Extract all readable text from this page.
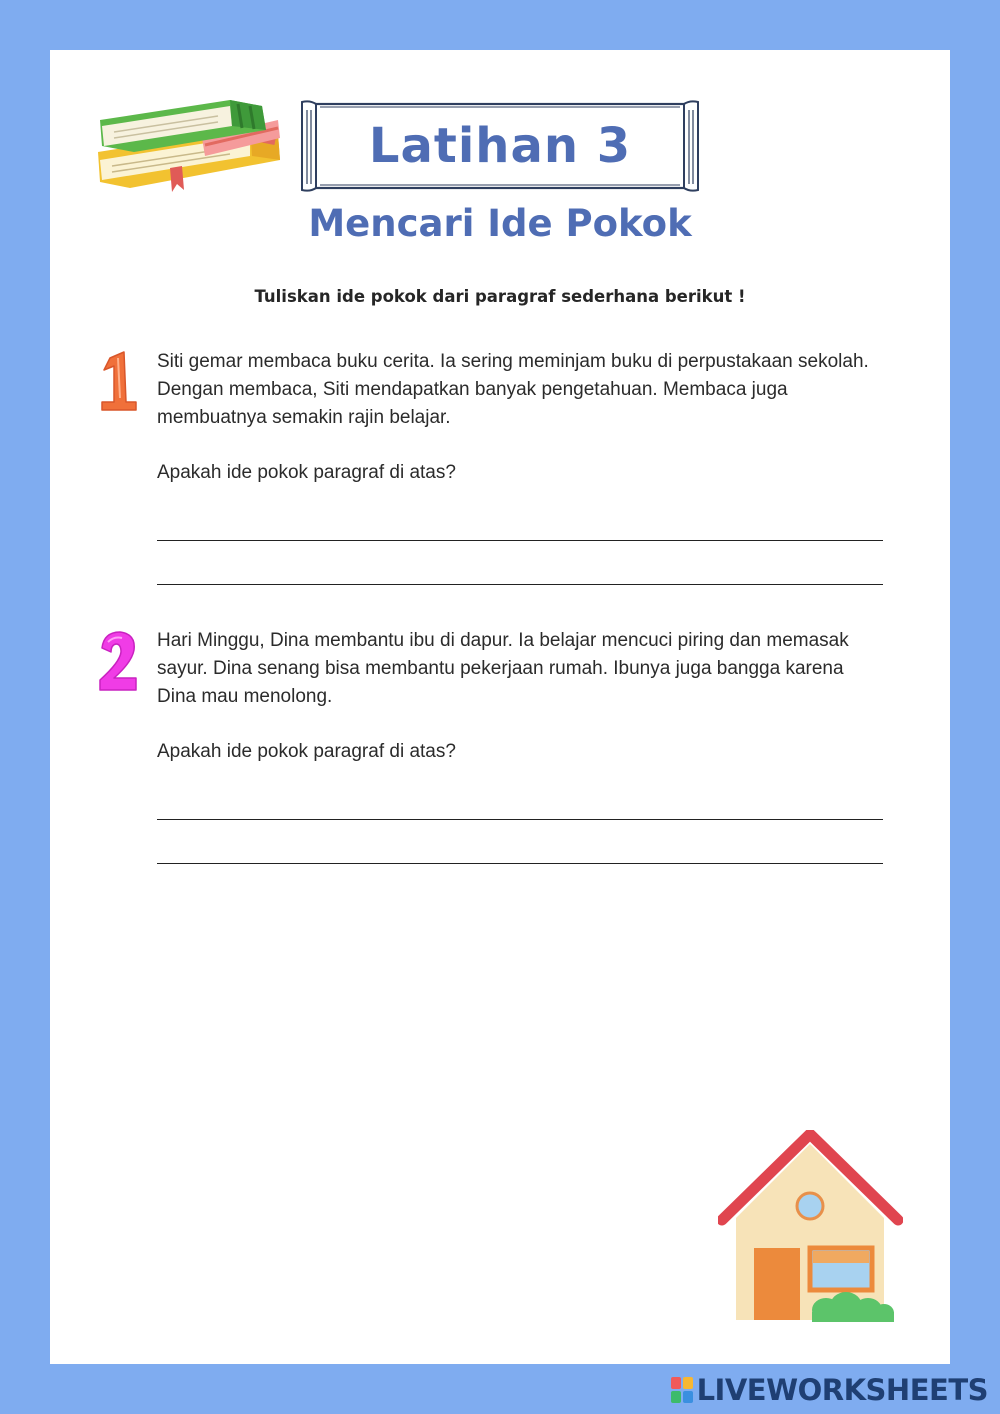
Latihan 3
Mencari Ide Pokok
Tuliskan ide pokok dari paragraf sederhana berikut !

Siti gemar membaca buku cerita. Ia sering meminjam buku di perpustakaan sekolah. Dengan membaca, Siti mendapatkan banyak pengetahuan. Membaca juga membuatnya semakin rajin belajar.

Apakah ide pokok paragraf di atas?

Hari Minggu, Dina membantu ibu di dapur. Ia belajar mencuci piring dan memasak sayur. Dina senang bisa membantu pekerjaan rumah. Ibunya juga bangga karena Dina mau menolong.

Apakah ide pokok paragraf di atas?

LIVEWORKSHEETS
